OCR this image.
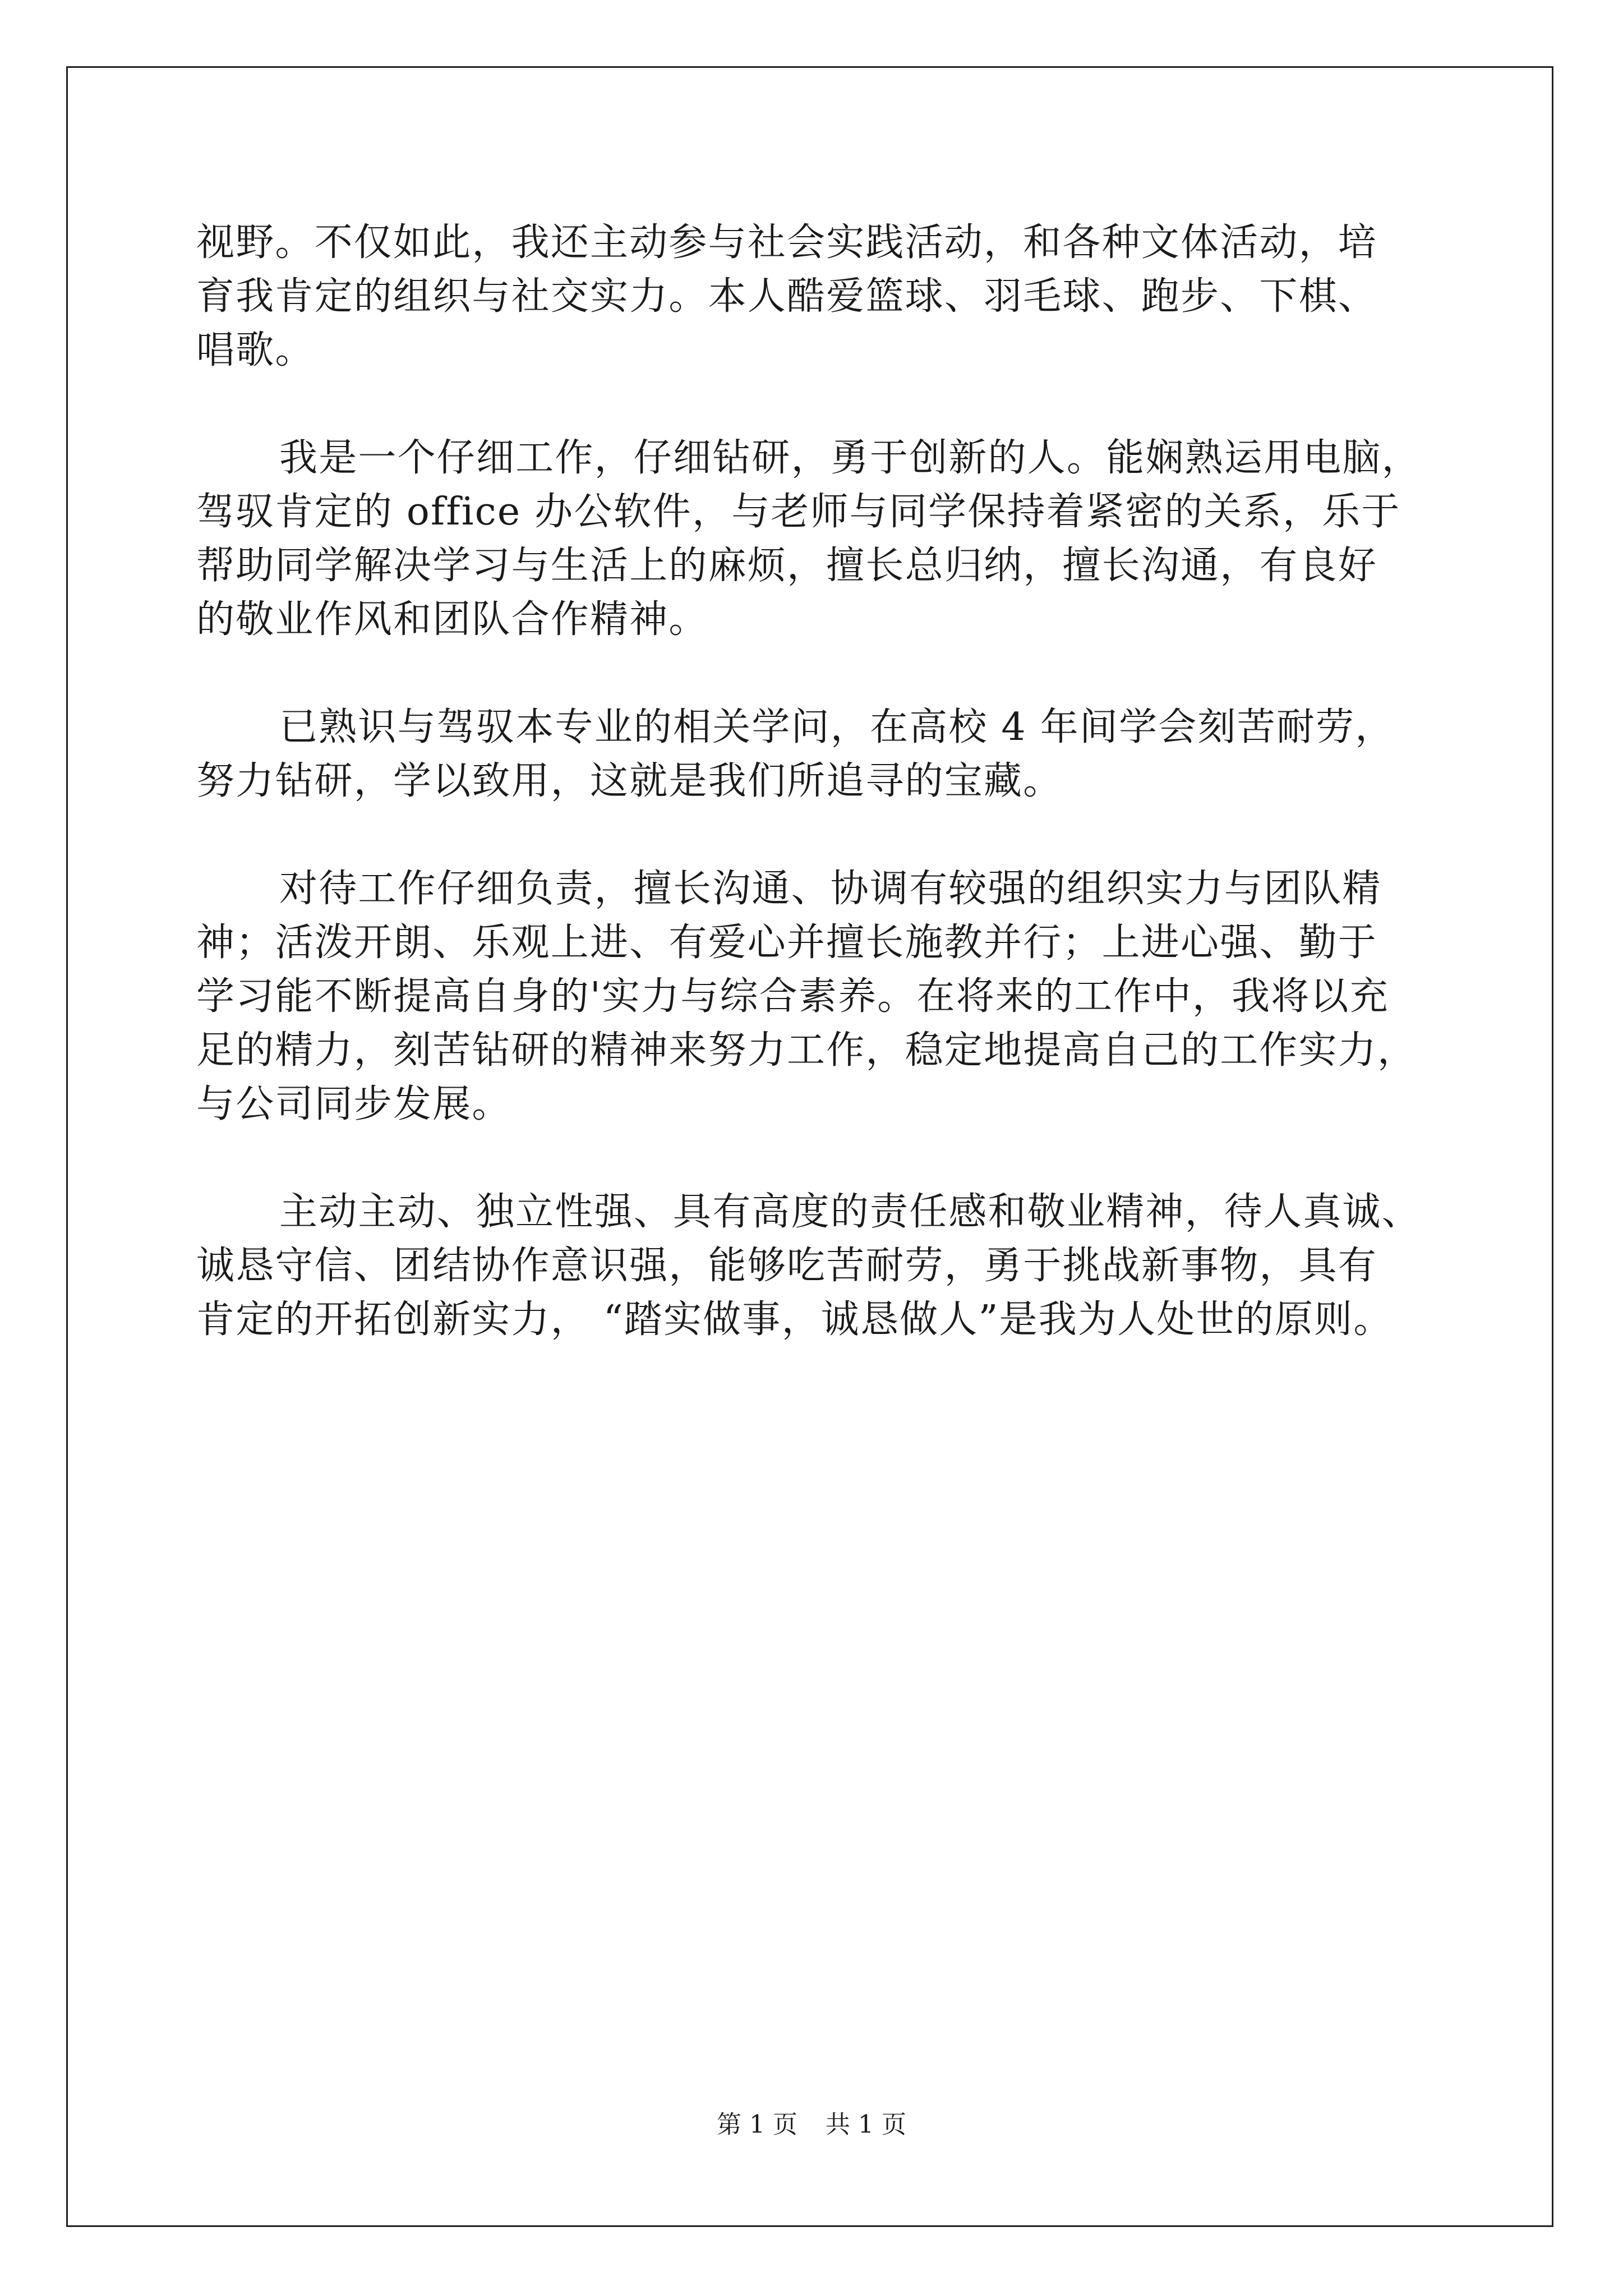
视野。不仅如此，我还主动参与社会实践活动，和各种文体活动，培
育我肯定的组织与社交实力。本人酷爱篮球、羽毛球、跑步、下棋、
唱歌。
我是一个仔细工作，仔细钻研，勇于创新的人。能娴熟运用电脑，
驾驭肯定的 office 办公软件，与老师与同学保持着紧密的关系，乐于
帮助同学解决学习与生活上的麻烦，擅长总归纳，擅长沟通，有良好
的敬业作风和团队合作精神。
已熟识与驾驭本专业的相关学问，在高校 4 年间学会刻苦耐劳，
努力钻研，学以致用，这就是我们所追寻的宝藏。
对待工作仔细负责，擅长沟通、协调有较强的组织实力与团队精
神；活泼开朗、乐观上进、有爱心并擅长施教并行；上进心强、勤于
学习能不断提高自身的'实力与综合素养。在将来的工作中，我将以充
足的精力，刻苦钻研的精神来努力工作，稳定地提高自己的工作实力，
与公司同步发展。
主动主动、独立性强、具有高度的责任感和敬业精神，待人真诚、
诚恳守信、团结协作意识强，能够吃苦耐劳，勇于挑战新事物，具有
肯定的开拓创新实力， “踏实做事，诚恳做人”是我为人处世的原则。
第 1 页 共 1 页
